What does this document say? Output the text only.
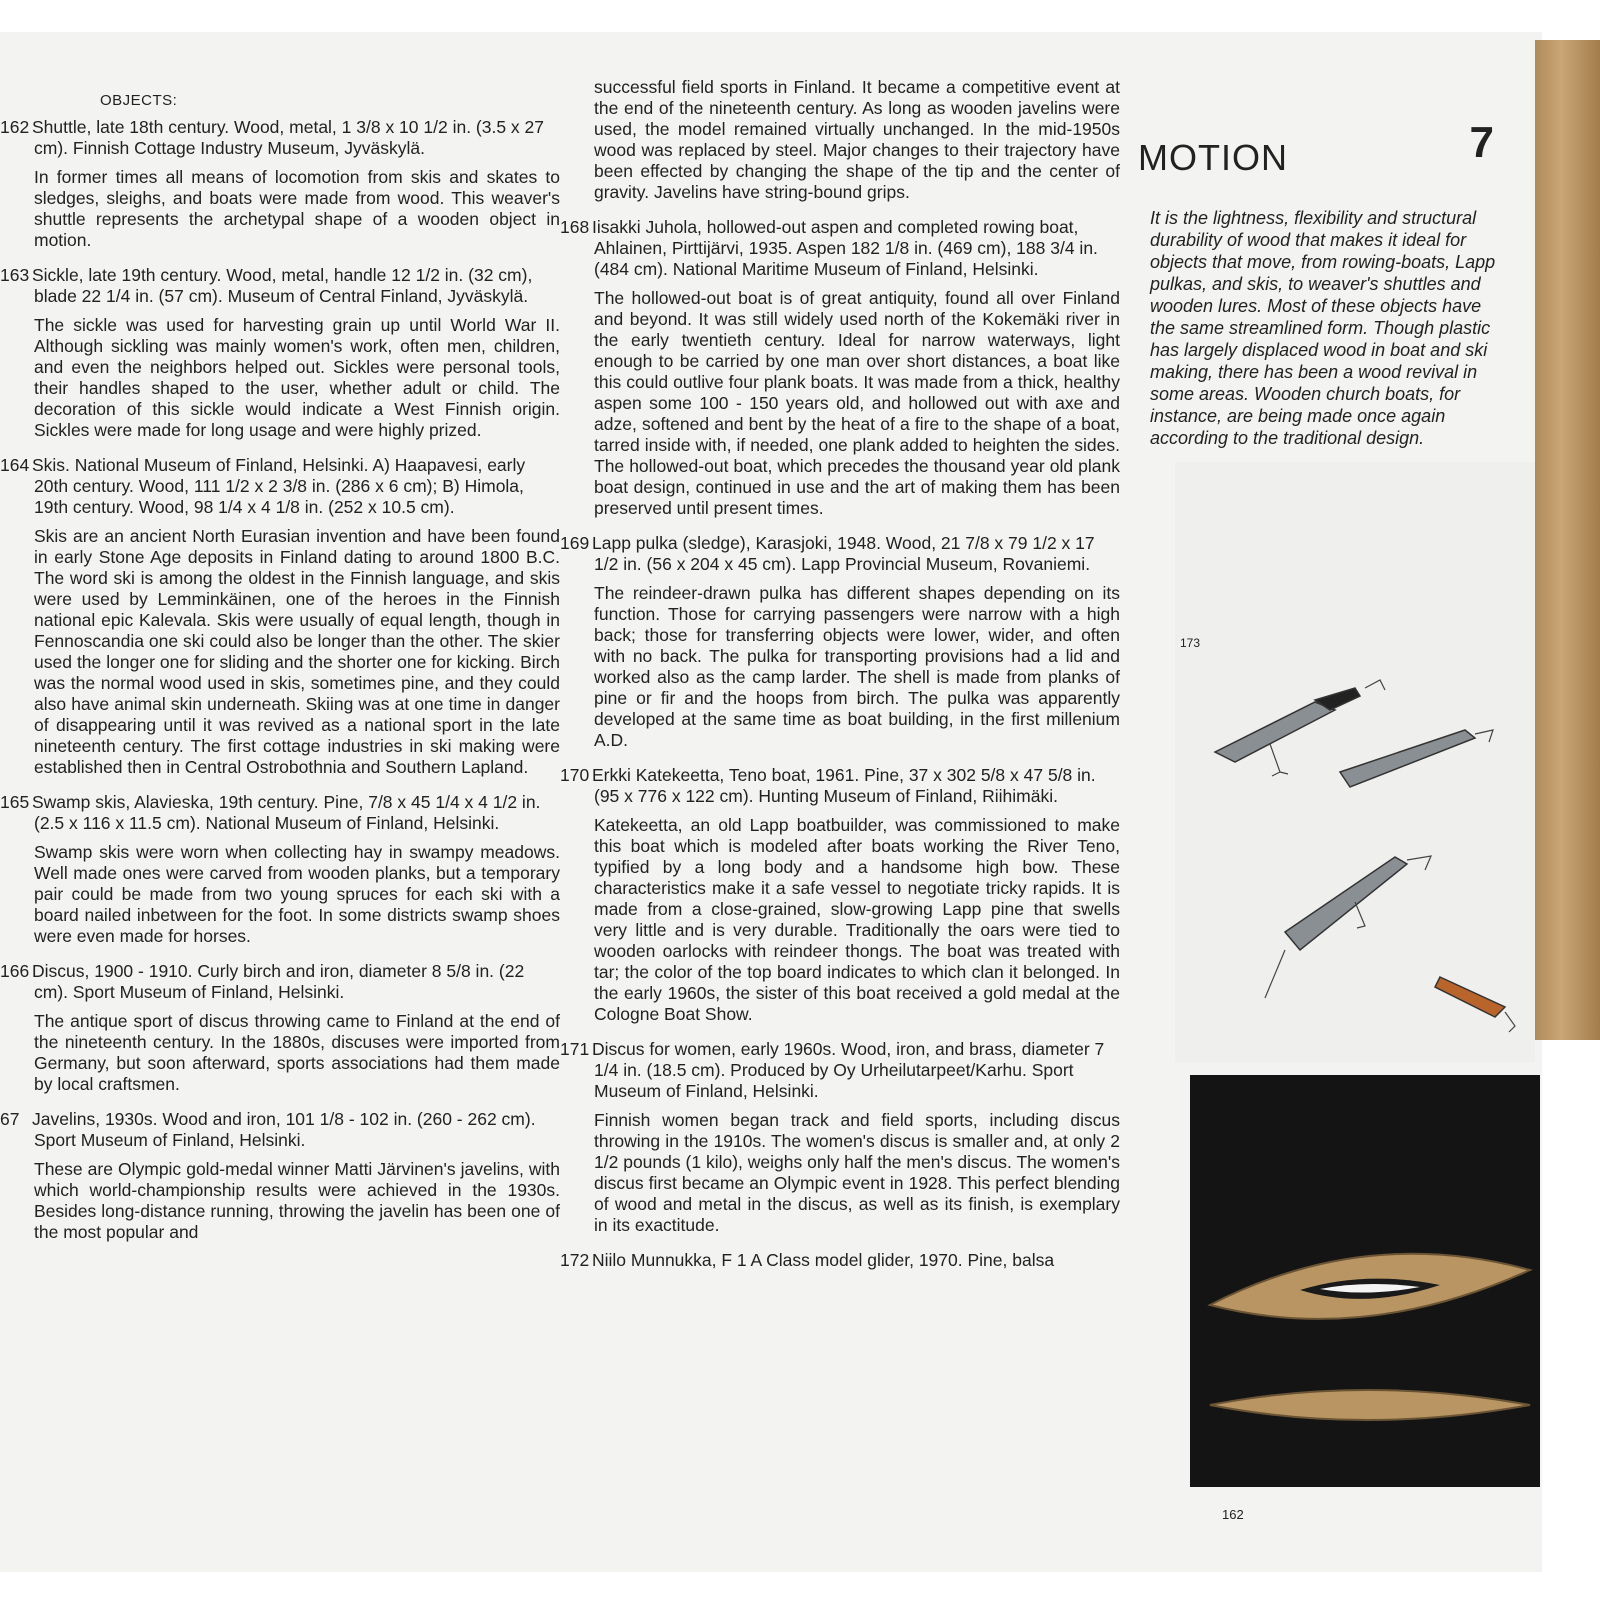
OBJECTS:
162 Shuttle, late 18th century. Wood, metal, 1 3/8 x 10 1/2 in. (3.5 x 27 cm). Finnish Cottage Industry Museum, Jyväskylä.
In former times all means of locomotion from skis and skates to sledges, sleighs, and boats were made from wood. This weaver's shuttle represents the archetypal shape of a wooden object in motion.
163 Sickle, late 19th century. Wood, metal, handle 12 1/2 in. (32 cm), blade 22 1/4 in. (57 cm). Museum of Central Finland, Jyväskylä.
The sickle was used for harvesting grain up until World War II. Although sickling was mainly women's work, often men, children, and even the neighbors helped out. Sickles were personal tools, their handles shaped to the user, whether adult or child. The decoration of this sickle would indicate a West Finnish origin. Sickles were made for long usage and were highly prized.
164 Skis. National Museum of Finland, Helsinki. A) Haapavesi, early 20th century. Wood, 111 1/2 x 2 3/8 in. (286 x 6 cm); B) Himola, 19th century. Wood, 98 1/4 x 4 1/8 in. (252 x 10.5 cm).
Skis are an ancient North Eurasian invention and have been found in early Stone Age deposits in Finland dating to around 1800 B.C. The word ski is among the oldest in the Finnish language, and skis were used by Lemminkäinen, one of the heroes in the Finnish national epic Kalevala. Skis were usually of equal length, though in Fennoscandia one ski could also be longer than the other. The skier used the longer one for sliding and the shorter one for kicking. Birch was the normal wood used in skis, sometimes pine, and they could also have animal skin underneath. Skiing was at one time in danger of disappearing until it was revived as a national sport in the late nineteenth century. The first cottage industries in ski making were established then in Central Ostrobothnia and Southern Lapland.
165 Swamp skis, Alavieska, 19th century. Pine, 7/8 x 45 1/4 x 4 1/2 in. (2.5 x 116 x 11.5 cm). National Museum of Finland, Helsinki.
Swamp skis were worn when collecting hay in swampy meadows. Well made ones were carved from wooden planks, but a temporary pair could be made from two young spruces for each ski with a board nailed inbetween for the foot. In some districts swamp shoes were even made for horses.
166 Discus, 1900 - 1910. Curly birch and iron, diameter 8 5/8 in. (22 cm). Sport Museum of Finland, Helsinki.
The antique sport of discus throwing came to Finland at the end of the nineteenth century. In the 1880s, discuses were imported from Germany, but soon afterward, sports associations had them made by local craftsmen.
67 Javelins, 1930s. Wood and iron, 101 1/8 - 102 in. (260 - 262 cm). Sport Museum of Finland, Helsinki.
These are Olympic gold-medal winner Matti Järvinen's javelins, with which world-championship results were achieved in the 1930s. Besides long-distance running, throwing the javelin has been one of the most popular and
successful field sports in Finland. It became a competitive event at the end of the nineteenth century. As long as wooden javelins were used, the model remained virtually unchanged. In the mid-1950s wood was replaced by steel. Major changes to their trajectory have been effected by changing the shape of the tip and the center of gravity. Javelins have string-bound grips.
168 Iisakki Juhola, hollowed-out aspen and completed rowing boat, Ahlainen, Pirttijärvi, 1935. Aspen 182 1/8 in. (469 cm), 188 3/4 in. (484 cm). National Maritime Museum of Finland, Helsinki.
The hollowed-out boat is of great antiquity, found all over Finland and beyond. It was still widely used north of the Kokemäki river in the early twentieth century. Ideal for narrow waterways, light enough to be carried by one man over short distances, a boat like this could outlive four plank boats. It was made from a thick, healthy aspen some 100 - 150 years old, and hollowed out with axe and adze, softened and bent by the heat of a fire to the shape of a boat, tarred inside with, if needed, one plank added to heighten the sides. The hollowed-out boat, which precedes the thousand year old plank boat design, continued in use and the art of making them has been preserved until present times.
169 Lapp pulka (sledge), Karasjoki, 1948. Wood, 21 7/8 x 79 1/2 x 17 1/2 in. (56 x 204 x 45 cm). Lapp Provincial Museum, Rovaniemi.
The reindeer-drawn pulka has different shapes depending on its function. Those for carrying passengers were narrow with a high back; those for transferring objects were lower, wider, and often with no back. The pulka for transporting provisions had a lid and worked also as the camp larder. The shell is made from planks of pine or fir and the hoops from birch. The pulka was apparently developed at the same time as boat building, in the first millenium A.D.
170 Erkki Katekeetta, Teno boat, 1961. Pine, 37 x 302 5/8 x 47 5/8 in. (95 x 776 x 122 cm). Hunting Museum of Finland, Riihimäki.
Katekeetta, an old Lapp boatbuilder, was commissioned to make this boat which is modeled after boats working the River Teno, typified by a long body and a handsome high bow. These characteristics make it a safe vessel to negotiate tricky rapids. It is made from a close-grained, slow-growing Lapp pine that swells very little and is very durable. Traditionally the oars were tied to wooden oarlocks with reindeer thongs. The boat was treated with tar; the color of the top board indicates to which clan it belonged. In the early 1960s, the sister of this boat received a gold medal at the Cologne Boat Show.
171 Discus for women, early 1960s. Wood, iron, and brass, diameter 7 1/4 in. (18.5 cm). Produced by Oy Urheilutarpeet/Karhu. Sport Museum of Finland, Helsinki.
Finnish women began track and field sports, including discus throwing in the 1910s. The women's discus is smaller and, at only 2 1/2 pounds (1 kilo), weighs only half the men's discus. The women's discus first became an Olympic event in 1928. This perfect blending of wood and metal in the discus, as well as its finish, is exemplary in its exactitude.
172 Niilo Munnukka, F 1 A Class model glider, 1970. Pine, balsa
MOTION
It is the lightness, flexibility and structural durability of wood that makes it ideal for objects that move, from rowing-boats, Lapp pulkas, and skis, to weaver's shuttles and wooden lures. Most of these objects have the same streamlined form. Though plastic has largely displaced wood in boat and ski making, there has been a wood revival in some areas. Wooden church boats, for instance, are being made once again according to the traditional design.
7
173
162
